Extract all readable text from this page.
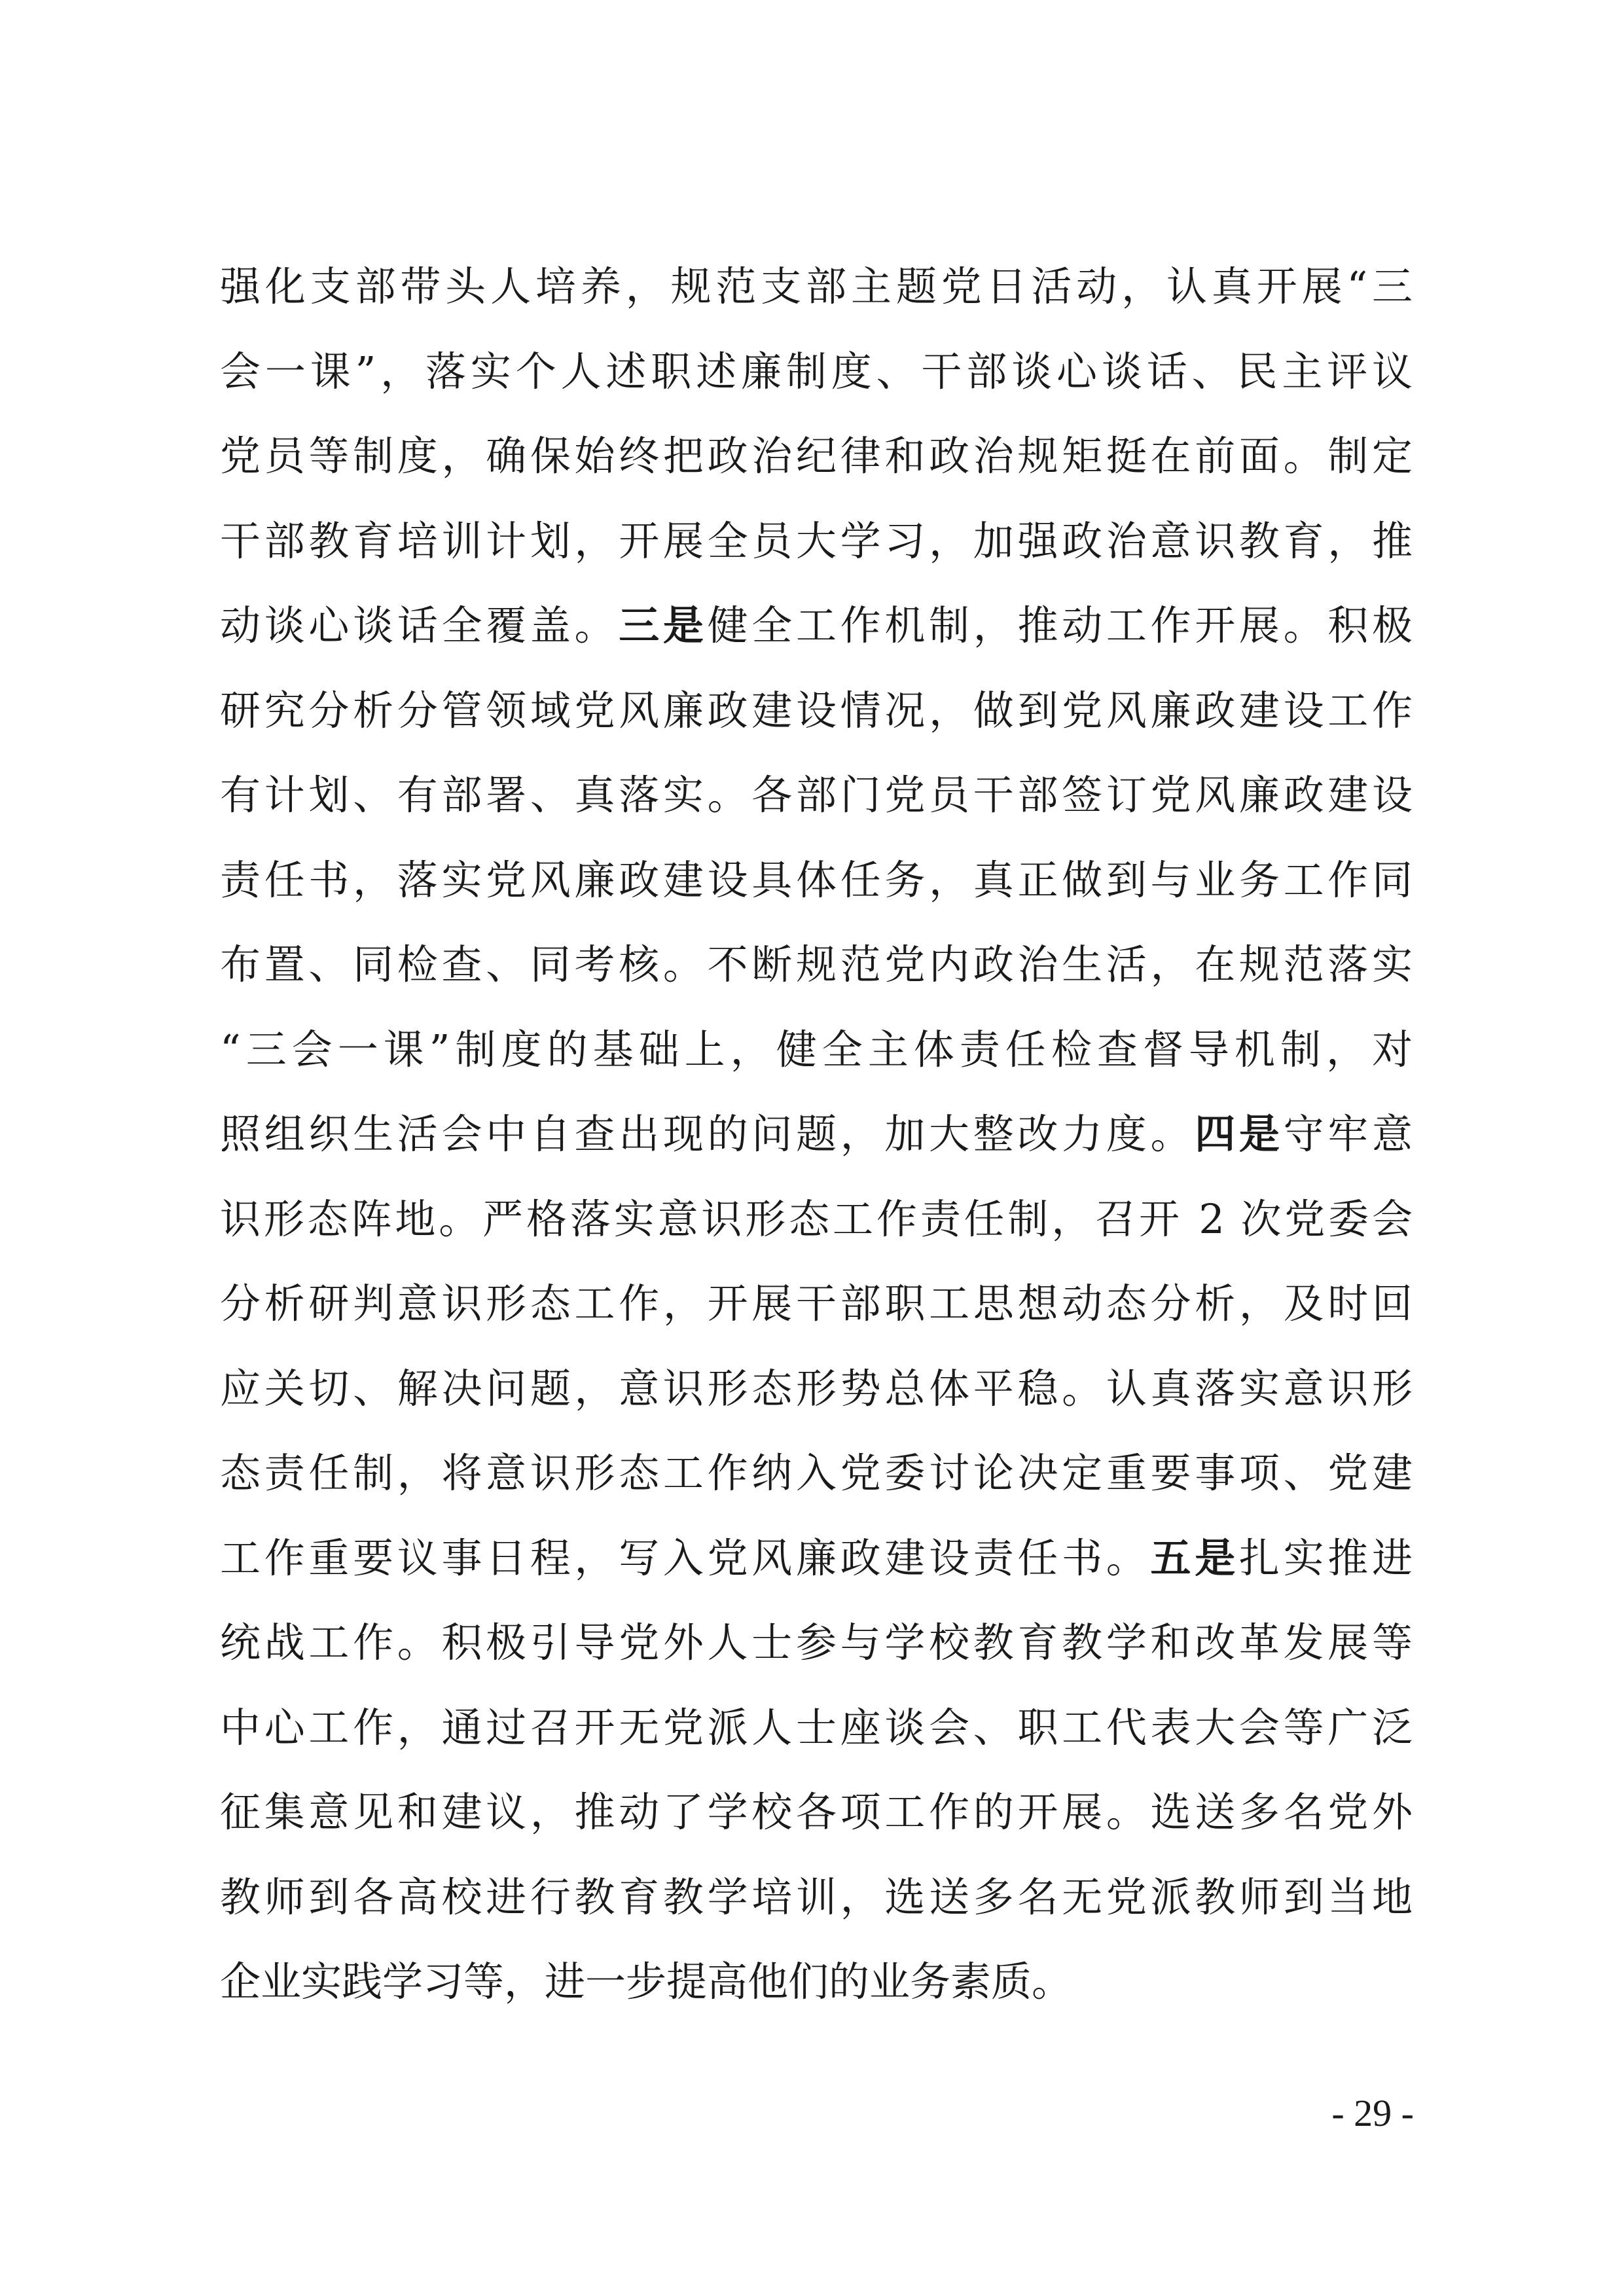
强化支部带头人培养，规范支部主题党日活动，认真开展“三
会一课”，落实个人述职述廉制度、干部谈心谈话、民主评议
党员等制度，确保始终把政治纪律和政治规矩挺在前面。制定
干部教育培训计划，开展全员大学习，加强政治意识教育，推
动谈心谈话全覆盖。三是健全工作机制，推动工作开展。积极
研究分析分管领域党风廉政建设情况，做到党风廉政建设工作
有计划、有部署、真落实。各部门党员干部签订党风廉政建设
责任书，落实党风廉政建设具体任务，真正做到与业务工作同
布置、同检查、同考核。不断规范党内政治生活，在规范落实
“三会一课”制度的基础上，健全主体责任检查督导机制，对
照组织生活会中自查出现的问题，加大整改力度。四是守牢意
识形态阵地。严格落实意识形态工作责任制，召开 2 次党委会
分析研判意识形态工作，开展干部职工思想动态分析，及时回
应关切、解决问题，意识形态形势总体平稳。认真落实意识形
态责任制，将意识形态工作纳入党委讨论决定重要事项、党建
工作重要议事日程，写入党风廉政建设责任书。五是扎实推进
统战工作。积极引导党外人士参与学校教育教学和改革发展等
中心工作，通过召开无党派人士座谈会、职工代表大会等广泛
征集意见和建议，推动了学校各项工作的开展。选送多名党外
教师到各高校进行教育教学培训，选送多名无党派教师到当地
企业实践学习等，进一步提高他们的业务素质。
- 29 -
